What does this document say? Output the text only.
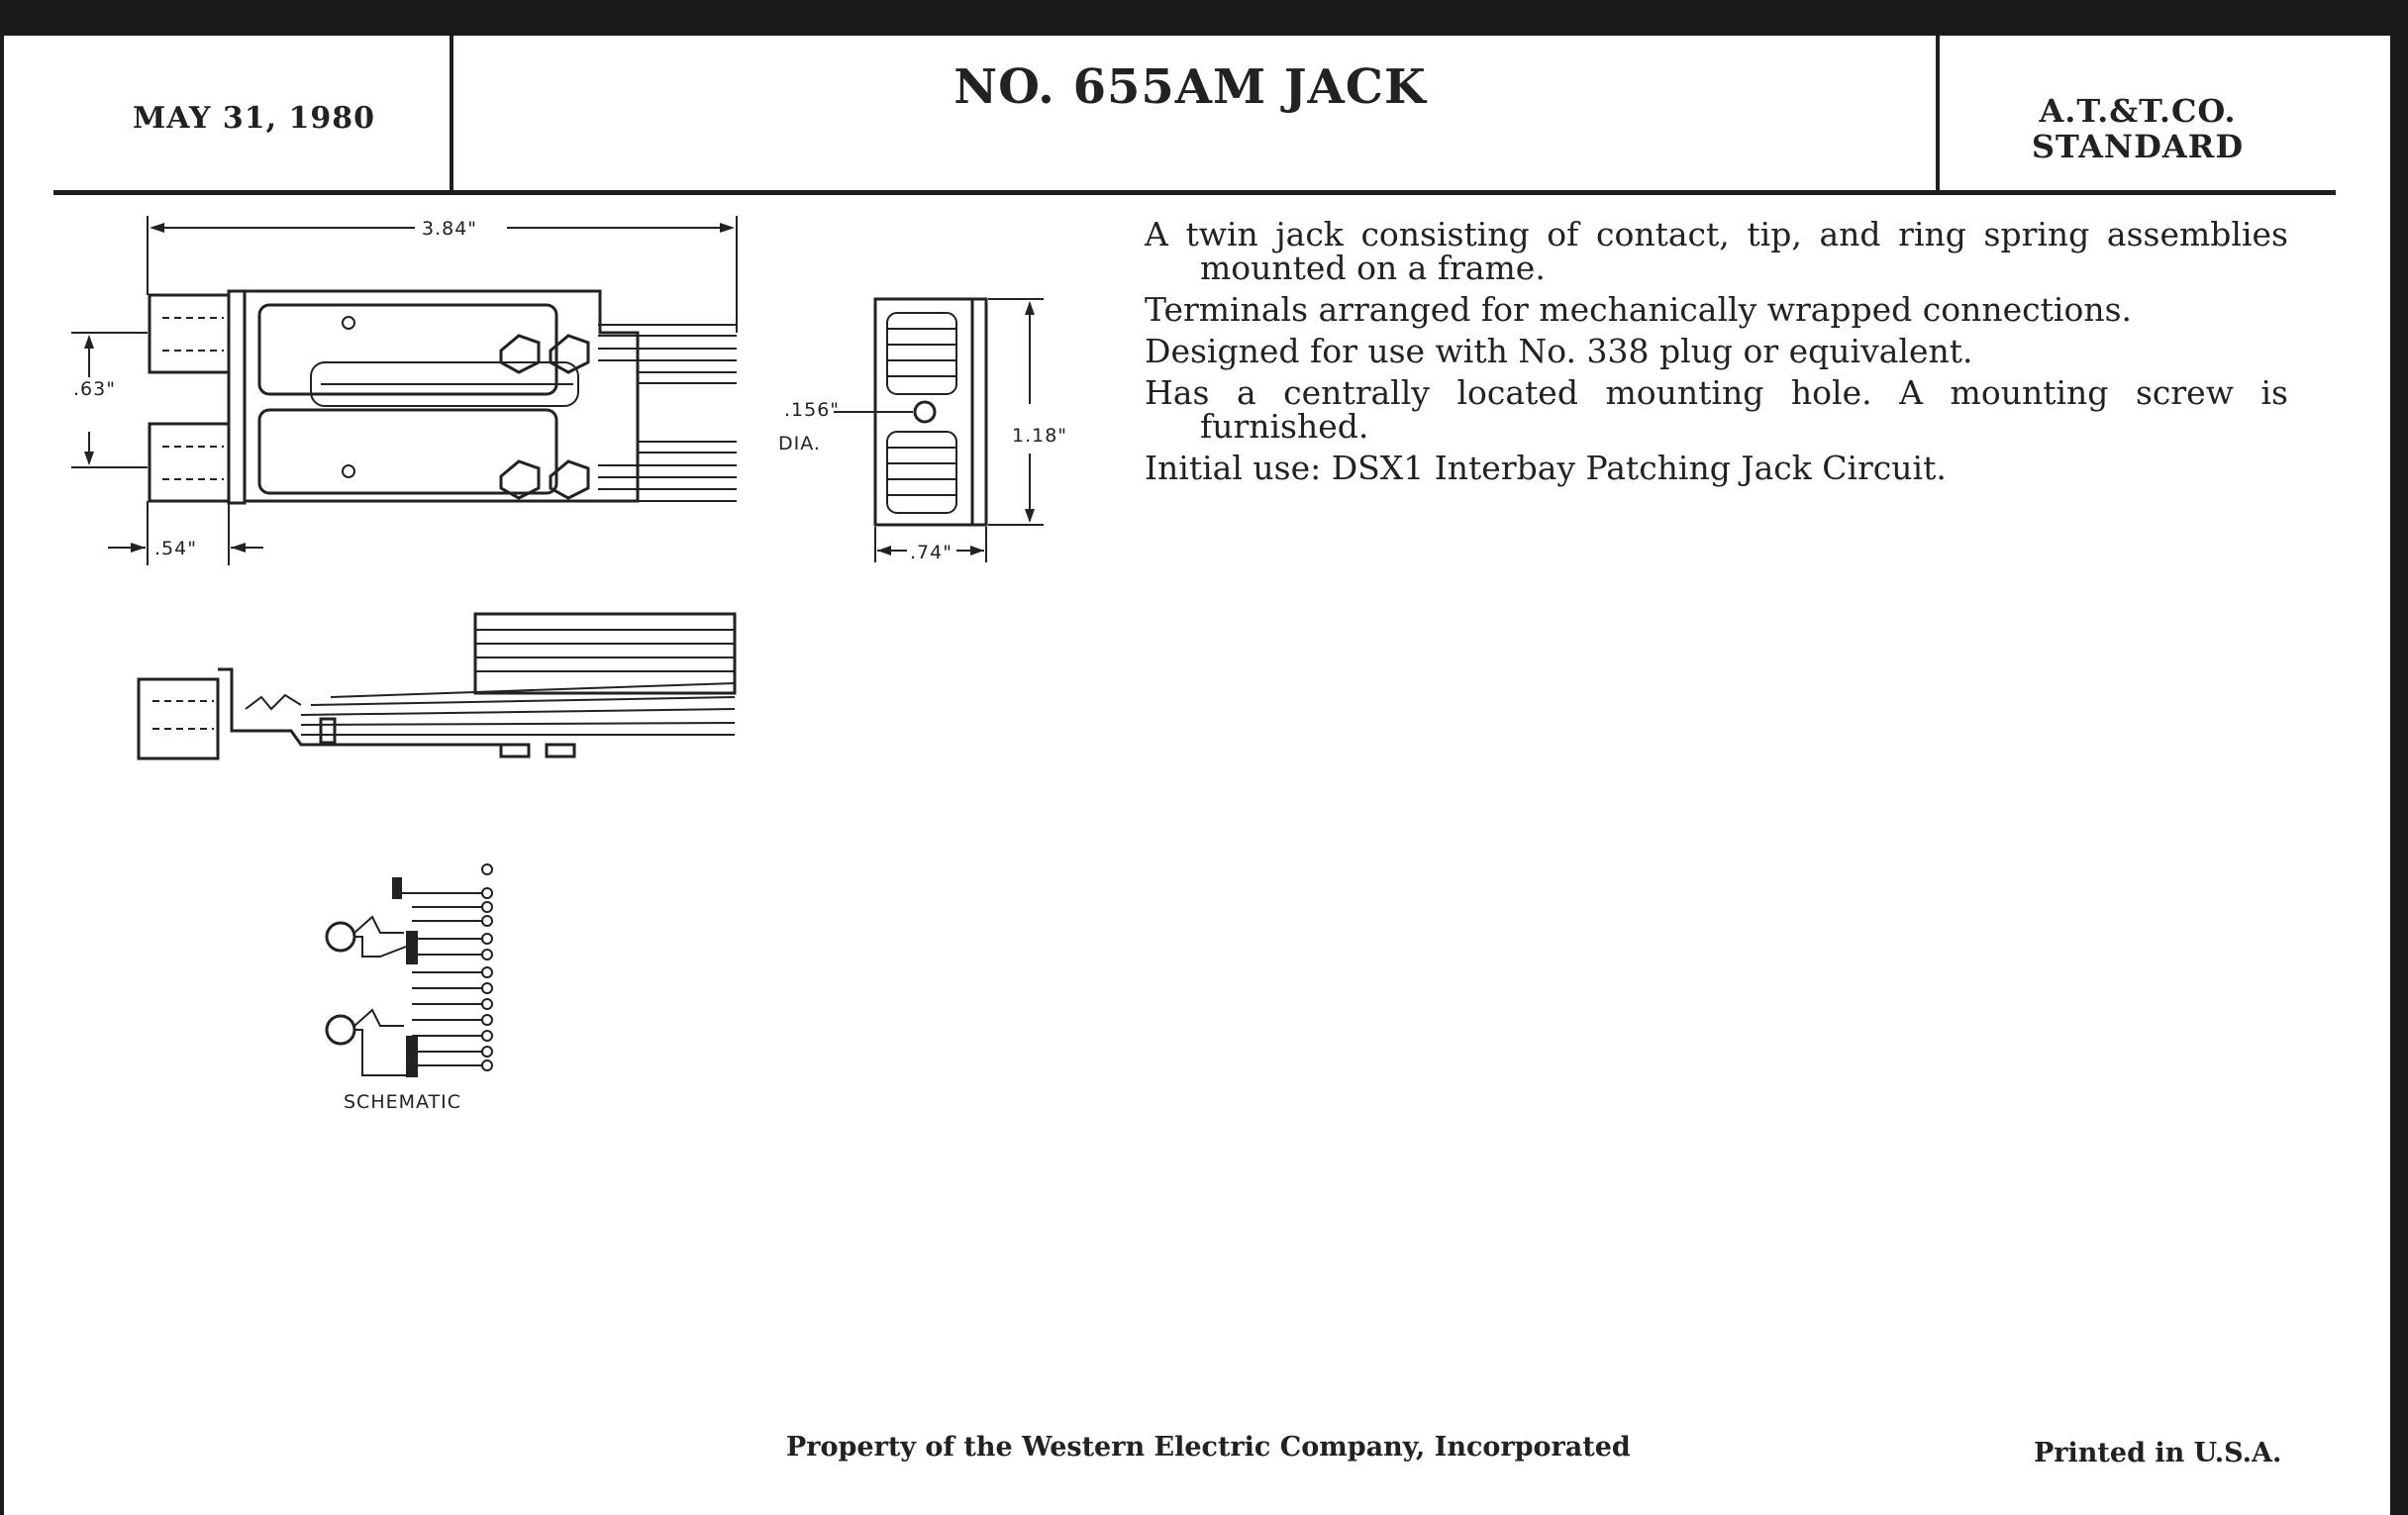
MAY 31, 1980
NO. 655AM JACK	A.T.&T.CO.
STANDARD
3.84"
.63"
.54"
.156"
DIA.	1.18"
.74"
SCHEMATIC
A twin jack consisting of contact, tip, and ring spring assemblies mounted on a frame.
Terminals arranged for mechanically wrapped connections.
Designed for use with No. 338 plug or equivalent.
Has a centrally located mounting hole. A mounting screw is furnished.
Initial use: DSX1 Interbay Patching Jack Circuit.
Property of the Western Electric Company, Incorporated	Printed in U.S.A.
